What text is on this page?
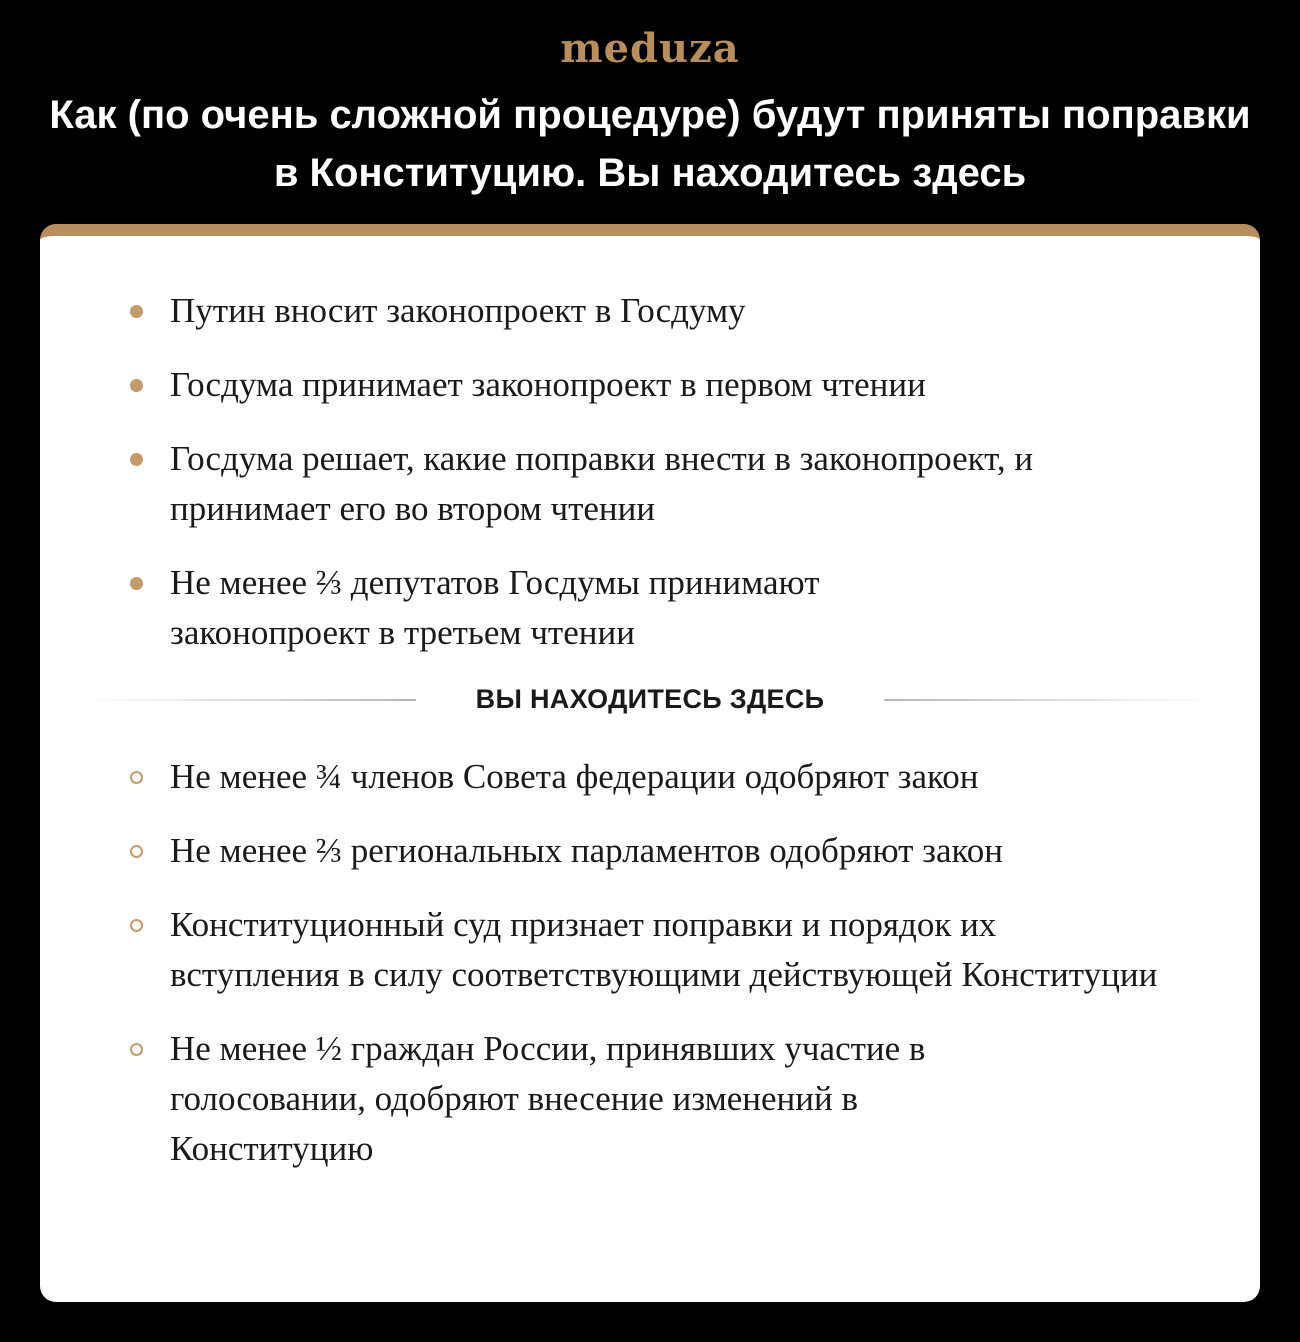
meduza
Как (по очень сложной процедуре) будут приняты поправки в Конституцию. Вы находитесь здесь
Путин вносит законопроект в Госдуму
Госдума принимает законопроект в первом чтении
Госдума решает, какие поправки внести в законопроект, и принимает его во втором чтении
Не менее ⅔ депутатов Госдумы принимают законопроект в третьем чтении
ВЫ НАХОДИТЕСЬ ЗДЕСЬ
Не менее ¾ членов Совета федерации одобряют закон
Не менее ⅔ региональных парламентов одобряют закон
Конституционный суд признает поправки и порядок их вступления в силу соответствующими действующей Конституции
Не менее ½ граждан России, принявших участие в голосовании, одобряют внесение изменений в Конституцию
